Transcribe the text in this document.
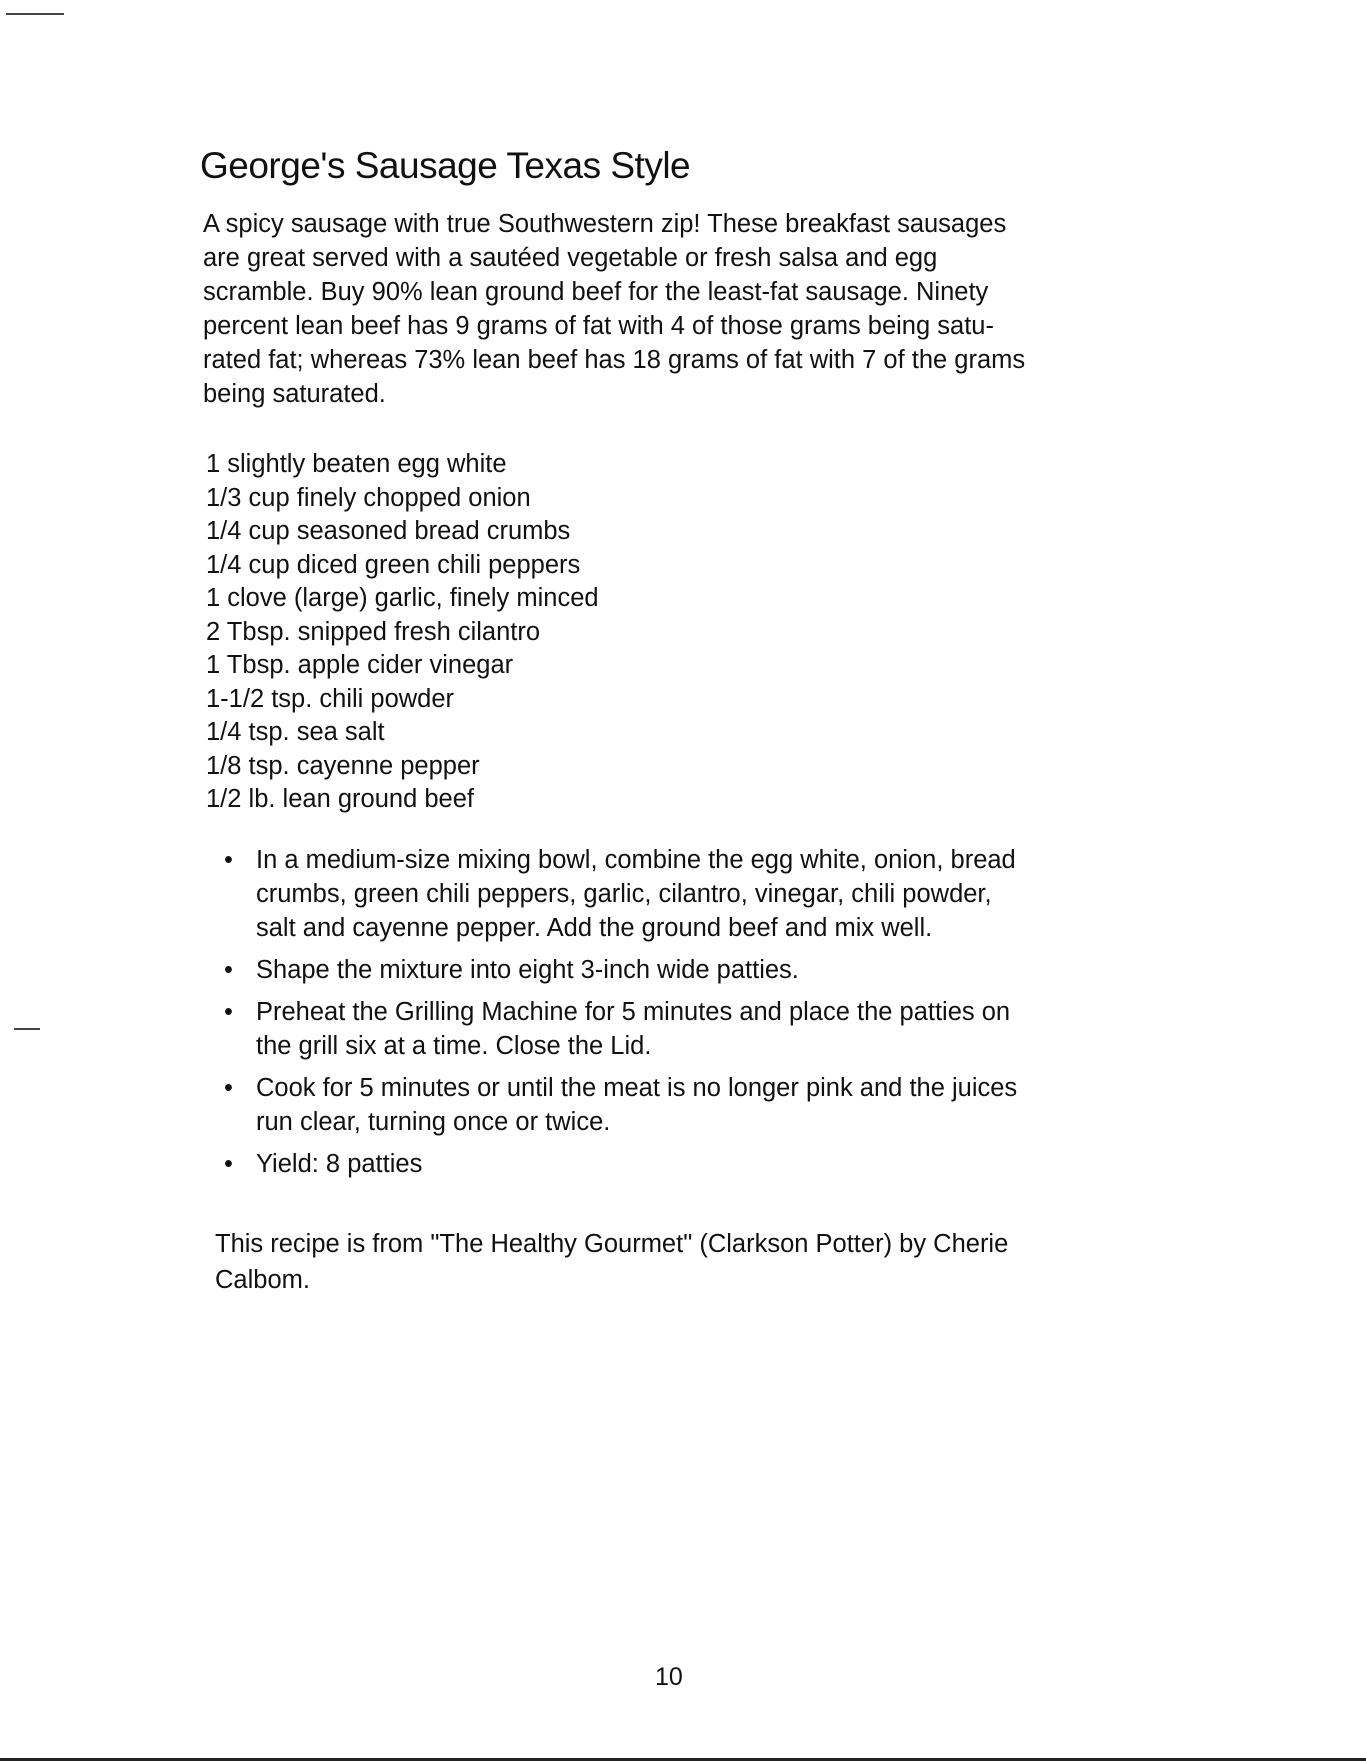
George's Sausage Texas Style
A spicy sausage with true Southwestern zip! These breakfast sausages
are great served with a sautéed vegetable or fresh salsa and egg
scramble. Buy 90% lean ground beef for the least-fat sausage. Ninety
percent lean beef has 9 grams of fat with 4 of those grams being satu-
rated fat; whereas 73% lean beef has 18 grams of fat with 7 of the grams
being saturated.
1 slightly beaten egg white
1/3 cup finely chopped onion
1/4 cup seasoned bread crumbs
1/4 cup diced green chili peppers
1 clove (large) garlic, finely minced
2 Tbsp. snipped fresh cilantro
1 Tbsp. apple cider vinegar
1-1/2 tsp. chili powder
1/4 tsp. sea salt
1/8 tsp. cayenne pepper
1/2 lb. lean ground beef
• In a medium-size mixing bowl, combine the egg white, onion, bread
crumbs, green chili peppers, garlic, cilantro, vinegar, chili powder,
salt and cayenne pepper. Add the ground beef and mix well.
• Shape the mixture into eight 3-inch wide patties.
• Preheat the Grilling Machine for 5 minutes and place the patties on
the grill six at a time. Close the Lid.
• Cook for 5 minutes or until the meat is no longer pink and the juices
run clear, turning once or twice.
• Yield: 8 patties
This recipe is from "The Healthy Gourmet" (Clarkson Potter) by Cherie
Calbom.
10
